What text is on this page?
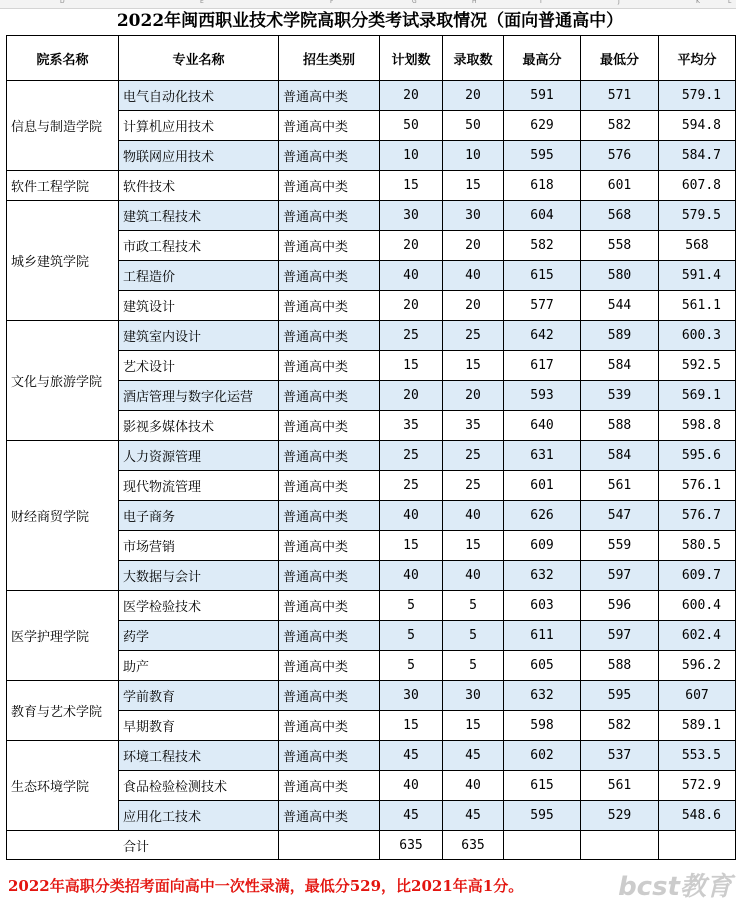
D	E	F	G	H	I	J	K	L
2022年闽西职业技术学院高职分类考试录取情况（面向普通高中）
院系名称	专业名称	招生类别	计划数	录取数	最高分	最低分	平均分
信息与制造学院	电气自动化技术	普通高中类	20	20	591	571	579.1
	计算机应用技术	普通高中类	50	50	629	582	594.8
	物联网应用技术	普通高中类	10	10	595	576	584.7
软件工程学院	软件技术	普通高中类	15	15	618	601	607.8
城乡建筑学院	建筑工程技术	普通高中类	30	30	604	568	579.5
	市政工程技术	普通高中类	20	20	582	558	568
	工程造价	普通高中类	40	40	615	580	591.4
	建筑设计	普通高中类	20	20	577	544	561.1
文化与旅游学院	建筑室内设计	普通高中类	25	25	642	589	600.3
	艺术设计	普通高中类	15	15	617	584	592.5
	酒店管理与数字化运营	普通高中类	20	20	593	539	569.1
	影视多媒体技术	普通高中类	35	35	640	588	598.8
财经商贸学院	人力资源管理	普通高中类	25	25	631	584	595.6
	现代物流管理	普通高中类	25	25	601	561	576.1
	电子商务	普通高中类	40	40	626	547	576.7
	市场营销	普通高中类	15	15	609	559	580.5
	大数据与会计	普通高中类	40	40	632	597	609.7
医学护理学院	医学检验技术	普通高中类	5	5	603	596	600.4
	药学	普通高中类	5	5	611	597	602.4
	助产	普通高中类	5	5	605	588	596.2
教育与艺术学院	学前教育	普通高中类	30	30	632	595	607
	早期教育	普通高中类	15	15	598	582	589.1
生态环境学院	环境工程技术	普通高中类	45	45	602	537	553.5
	食品检验检测技术	普通高中类	40	40	615	561	572.9
	应用化工技术	普通高中类	45	45	595	529	548.6
合计			635	635			
2022年高职分类招考面向高中一次性录满，最低分529，比2021年高1分。	bcst教育
